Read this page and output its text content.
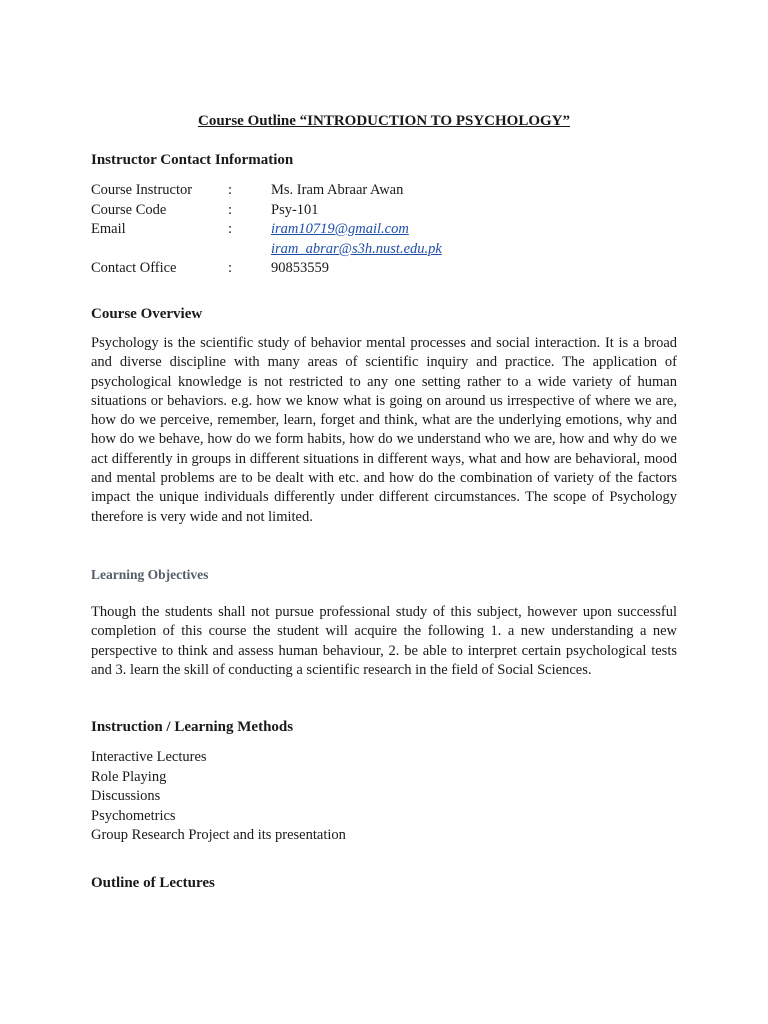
Course Outline “INTRODUCTION TO PSYCHOLOGY”
Instructor Contact Information
Course Instructor :	Ms. Iram Abraar Awan
Course Code	:	Psy-101
Email	:	iram10719@gmail.com
iram_abrar@s3h.nust.edu.pk
Contact Office	:	90853559
Course Overview
Psychology is the scientific study of behavior mental processes and social interaction. It is a broad and diverse discipline with many areas of scientific inquiry and practice. The application of psychological knowledge is not restricted to any one setting rather to a wide variety of human situations or behaviors. e.g. how we know what is going on around us irrespective of where we are, how do we perceive, remember, learn, forget and think, what are the underlying emotions, why and how do we behave, how do we form habits, how do we understand who we are, how and why do we act differently in groups in different situations in different ways, what and how are behavioral, mood and mental problems are to be dealt with etc. and how do the combination of variety of the factors impact the unique individuals differently under different circumstances. The scope of Psychology therefore is very wide and not limited.
Learning Objectives
Though the students shall not pursue professional study of this subject, however upon successful completion of this course the student will acquire the following 1. a new understanding a new perspective to think and assess human behaviour, 2. be able to interpret certain psychological tests and 3. learn the skill of conducting a scientific research in the field of Social Sciences.
Instruction / Learning Methods
Interactive Lectures
Role Playing
Discussions
Psychometrics
Group Research Project and its presentation
Outline of Lectures
